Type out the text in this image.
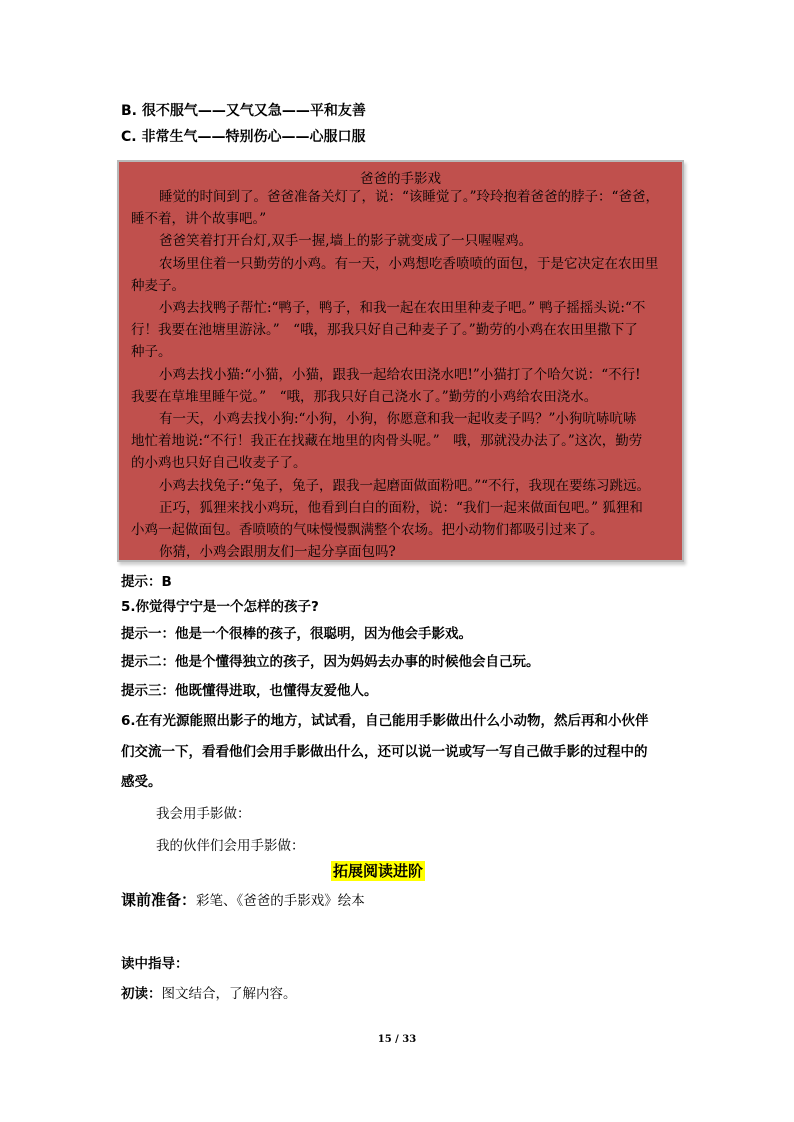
B. 很不服气——又气又急——平和友善
C. 非常生气——特别伤心——心服口服
爸爸的手影戏
睡觉的时间到了。爸爸准备关灯了，说：“该睡觉了。”玲玲抱着爸爸的脖子：“爸爸，
睡不着，讲个故事吧。”
爸爸笑着打开台灯,双手一握,墙上的影子就变成了一只喔喔鸡。
农场里住着一只勤劳的小鸡。有一天，小鸡想吃香喷喷的面包，于是它决定在农田里
种麦子。
小鸡去找鸭子帮忙:“鸭子，鸭子，和我一起在农田里种麦子吧。” 鸭子摇摇头说:“不
行！我要在池塘里游泳。”　“哦，那我只好自己种麦子了。”勤劳的小鸡在农田里撒下了
种子。
小鸡去找小猫:“小猫，小猫，跟我一起给农田浇水吧!”小猫打了个哈欠说：“不行!
我要在草堆里睡午觉。”　“哦，那我只好自己浇水了。”勤劳的小鸡给农田浇水。
有一天，小鸡去找小狗:“小狗，小狗，你愿意和我一起收麦子吗？”小狗吭哧吭哧
地忙着地说:“不行！我正在找藏在地里的肉骨头呢。”　哦，那就没办法了。”这次，勤劳
的小鸡也只好自己收麦子了。
小鸡去找兔子:“兔子，兔子，跟我一起磨面做面粉吧。”“不行，我现在要练习跳远。
正巧，狐狸来找小鸡玩，他看到白白的面粉，说：“我们一起来做面包吧。” 狐狸和
小鸡一起做面包。香喷喷的气味慢慢飘满整个农场。把小动物们都吸引过来了。
你猜，小鸡会跟朋友们一起分享面包吗?
提示：B
5.你觉得宁宁是一个怎样的孩子?
提示一：他是一个很棒的孩子，很聪明，因为他会手影戏。
提示二：他是个懂得独立的孩子，因为妈妈去办事的时候他会自己玩。
提示三：他既懂得进取，也懂得友爱他人。
6.在有光源能照出影子的地方，试试看，自己能用手影做出什么小动物，然后再和小伙伴
们交流一下，看看他们会用手影做出什么，还可以说一说或写一写自己做手影的过程中的
感受。
我会用手影做：
我的伙伴们会用手影做：
拓展阅读进阶
课前准备：彩笔、《爸爸的手影戏》绘本
读中指导：
初读：图文结合，了解内容。
15 / 33
